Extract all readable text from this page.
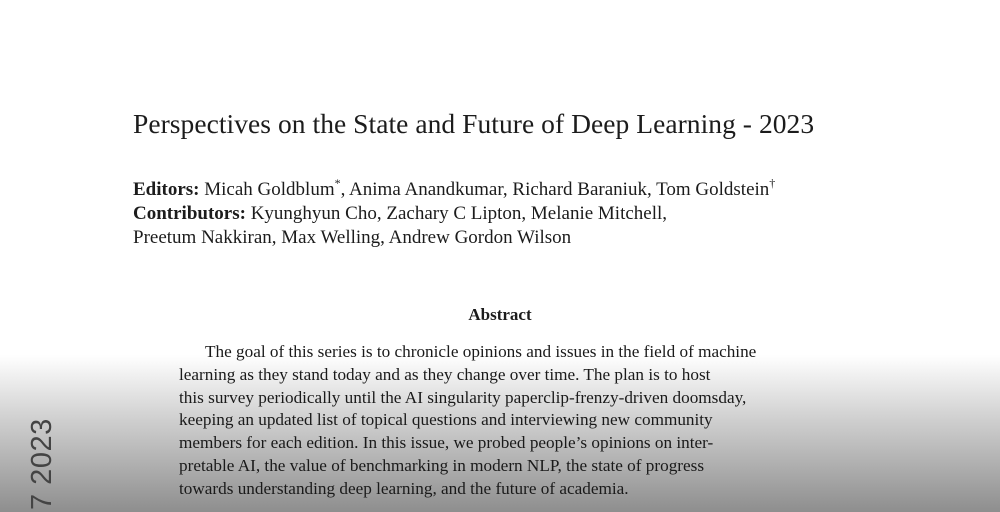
Perspectives on the State and Future of Deep Learning - 2023
Editors: Micah Goldblum*, Anima Anandkumar, Richard Baraniuk, Tom Goldstein†
Contributors: Kyunghyun Cho, Zachary C Lipton, Melanie Mitchell,
Preetum Nakkiran, Max Welling, Andrew Gordon Wilson
Abstract
The goal of this series is to chronicle opinions and issues in the field of machine
learning as they stand today and as they change over time. The plan is to host
this survey periodically until the AI singularity paperclip-frenzy-driven doomsday,
keeping an updated list of topical questions and interviewing new community
members for each edition. In this issue, we probed people’s opinions on inter-
pretable AI, the value of benchmarking in modern NLP, the state of progress
towards understanding deep learning, and the future of academia.
7 2023
